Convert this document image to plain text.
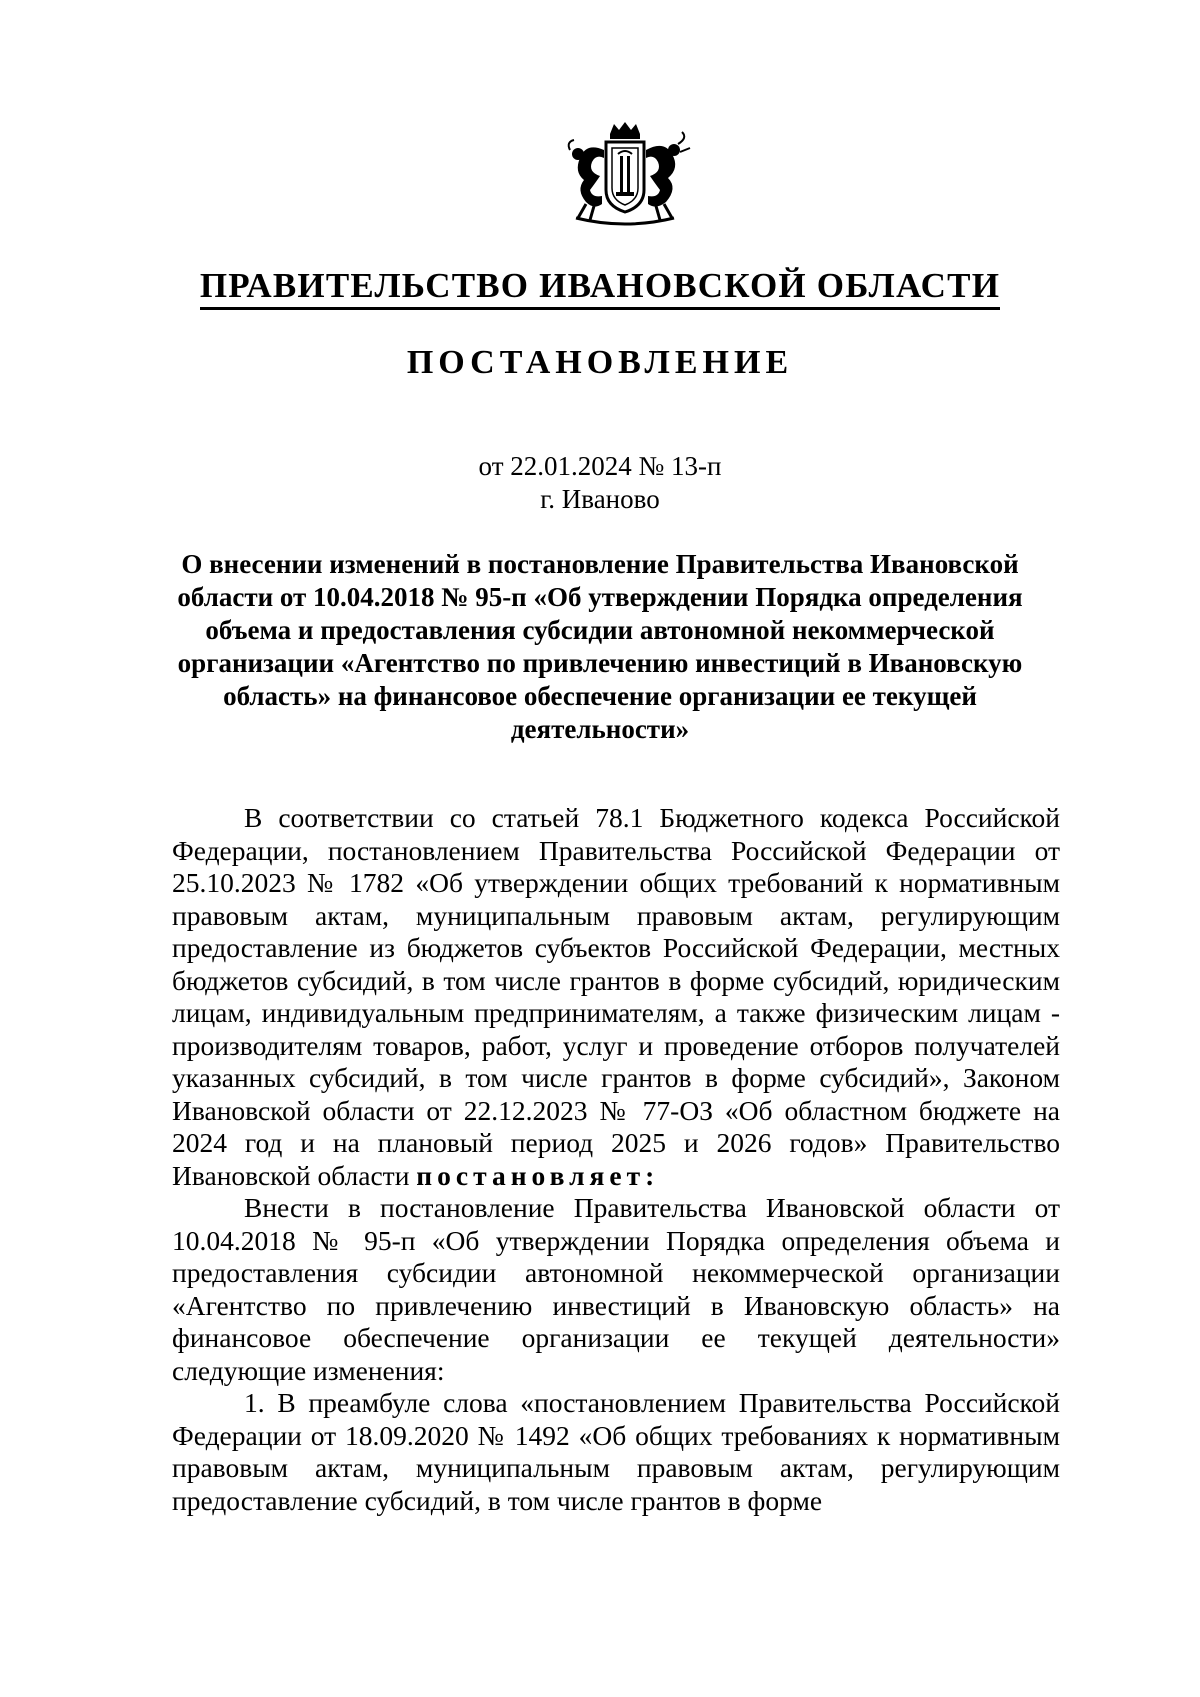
ПРАВИТЕЛЬСТВО ИВАНОВСКОЙ ОБЛАСТИ
ПОСТАНОВЛЕНИЕ
от 22.01.2024 № 13-п
г. Иваново
О внесении изменений в постановление Правительства Ивановской области от 10.04.2018 № 95-п «Об утверждении Порядка определения объема и предоставления субсидии автономной некоммерческой организации «Агентство по привлечению инвестиций в Ивановскую область» на финансовое обеспечение организации ее текущей деятельности»

В соответствии со статьей 78.1 Бюджетного кодекса Российской Федерации, постановлением Правительства Российской Федерации от 25.10.2023 № 1782 «Об утверждении общих требований к нормативным правовым актам, муниципальным правовым актам, регулирующим предоставление из бюджетов субъектов Российской Федерации, местных бюджетов субсидий, в том числе грантов в форме субсидий, юридическим лицам, индивидуальным предпринимателям, а также физическим лицам - производителям товаров, работ, услуг и проведение отборов получателей указанных субсидий, в том числе грантов в форме субсидий», Законом Ивановской области от 22.12.2023 № 77-ОЗ «Об областном бюджете на 2024 год и на плановый период 2025 и 2026 годов» Правительство Ивановской области постановляет:

Внести в постановление Правительства Ивановской области от 10.04.2018 № 95-п «Об утверждении Порядка определения объема и предоставления субсидии автономной некоммерческой организации «Агентство по привлечению инвестиций в Ивановскую область» на финансовое обеспечение организации ее текущей деятельности» следующие изменения:

1. В преамбуле слова «постановлением Правительства Российской Федерации от 18.09.2020 № 1492 «Об общих требованиях к нормативным правовым актам, муниципальным правовым актам, регулирующим предоставление субсидий, в том числе грантов в форме
